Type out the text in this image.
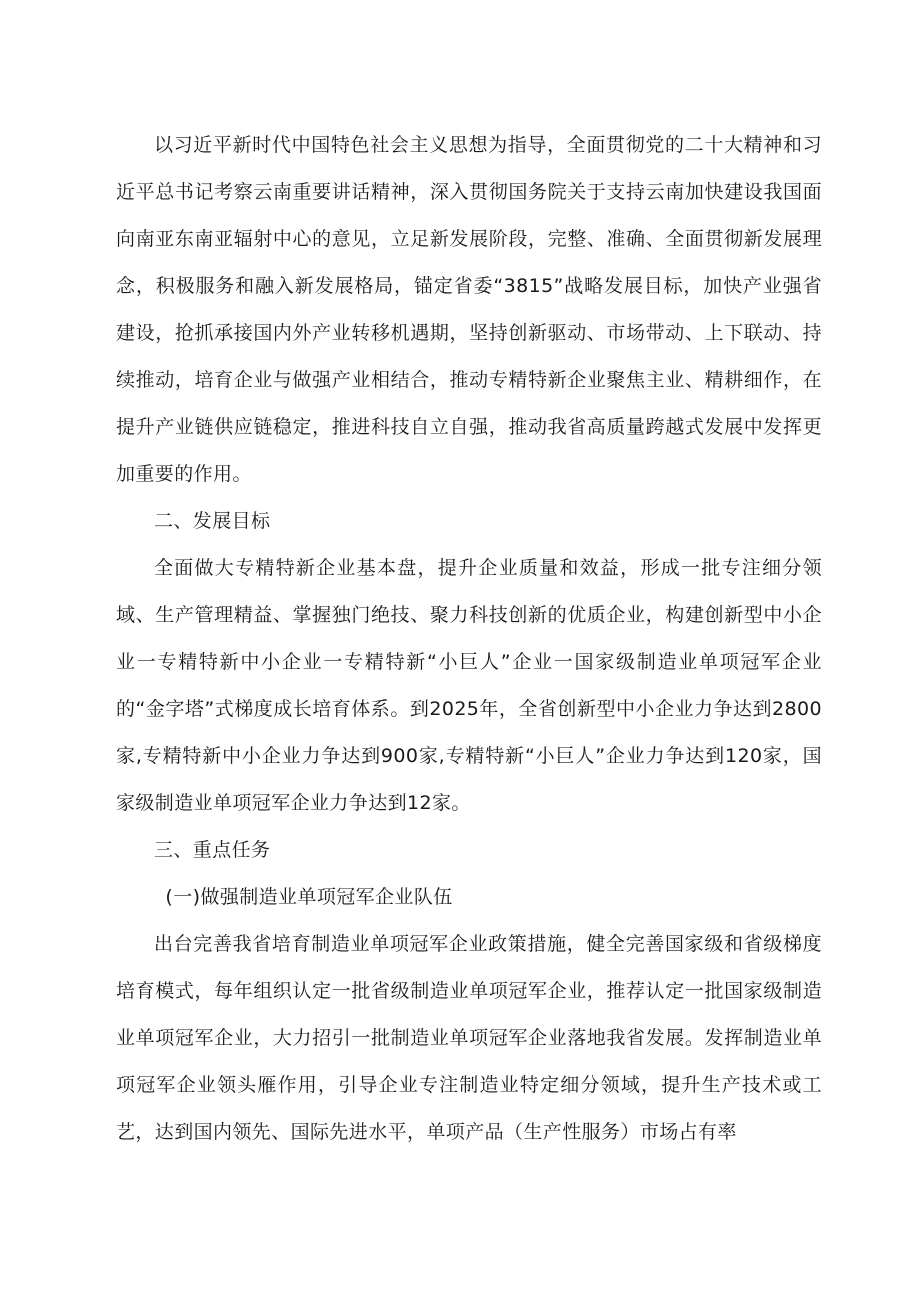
以习近平新时代中国特色社会主义思想为指导，全面贯彻党的二十大精神和习近平总书记考察云南重要讲话精神，深入贯彻国务院关于支持云南加快建设我国面向南亚东南亚辐射中心的意见，立足新发展阶段，完整、准确、全面贯彻新发展理念，积极服务和融入新发展格局，锚定省委“3815”战略发展目标，加快产业强省建设，抢抓承接国内外产业转移机遇期，坚持创新驱动、市场带动、上下联动、持续推动，培育企业与做强产业相结合，推动专精特新企业聚焦主业、精耕细作，在提升产业链供应链稳定，推进科技自立自强，推动我省高质量跨越式发展中发挥更加重要的作用。

二、发展目标

全面做大专精特新企业基本盘，提升企业质量和效益，形成一批专注细分领域、生产管理精益、掌握独门绝技、聚力科技创新的优质企业，构建创新型中小企业一专精特新中小企业一专精特新“小巨人”企业一国家级制造业单项冠军企业的“金字塔”式梯度成长培育体系。到2025年，全省创新型中小企业力争达到2800家,专精特新中小企业力争达到900家,专精特新“小巨人”企业力争达到120家，国家级制造业单项冠军企业力争达到12家。

三、重点任务

(一)做强制造业单项冠军企业队伍

出台完善我省培育制造业单项冠军企业政策措施，健全完善国家级和省级梯度培育模式，每年组织认定一批省级制造业单项冠军企业，推荐认定一批国家级制造业单项冠军企业，大力招引一批制造业单项冠军企业落地我省发展。发挥制造业单项冠军企业领头雁作用，引导企业专注制造业特定细分领域，提升生产技术或工艺，达到国内领先、国际先进水平，单项产品（生产性服务）市场占有率
